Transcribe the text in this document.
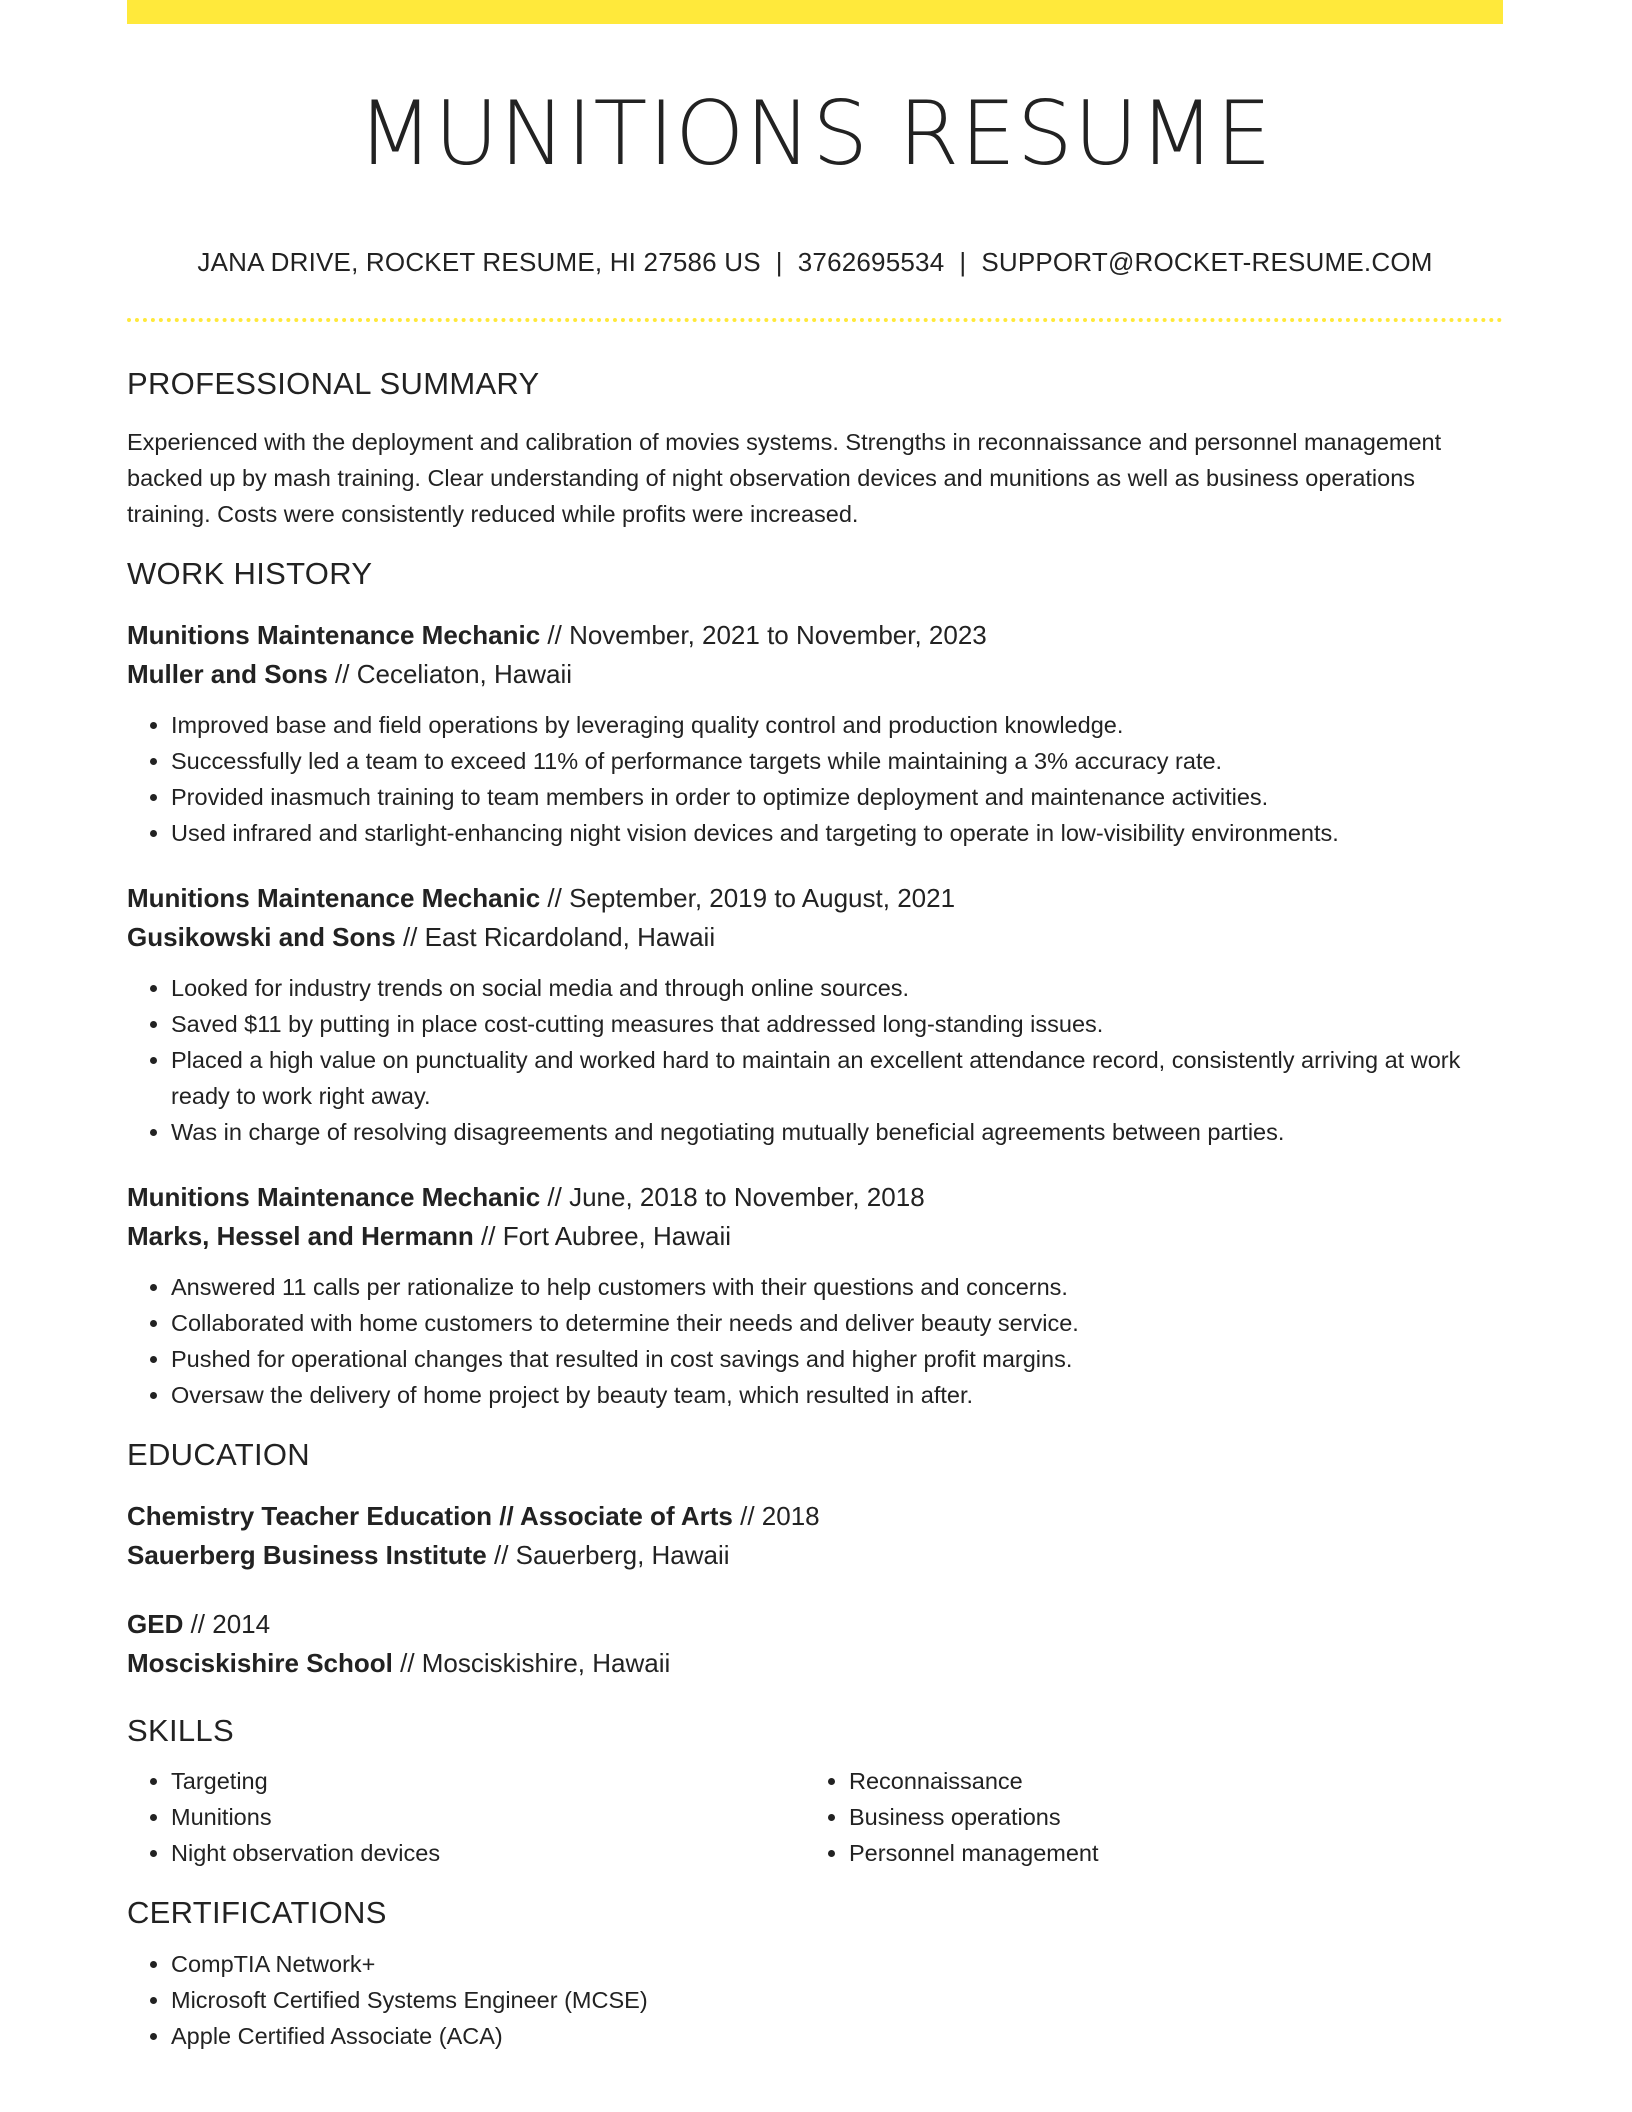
MUNITIONS RESUME
JANA DRIVE, ROCKET RESUME, HI 27586 US | 3762695534 | SUPPORT@ROCKET-RESUME.COM
PROFESSIONAL SUMMARY
Experienced with the deployment and calibration of movies systems. Strengths in reconnaissance and personnel management backed up by mash training. Clear understanding of night observation devices and munitions as well as business operations training. Costs were consistently reduced while profits were increased.
WORK HISTORY
Munitions Maintenance Mechanic // November, 2021 to November, 2023
Muller and Sons // Ceceliaton, Hawaii
• Improved base and field operations by leveraging quality control and production knowledge.
• Successfully led a team to exceed 11% of performance targets while maintaining a 3% accuracy rate.
• Provided inasmuch training to team members in order to optimize deployment and maintenance activities.
• Used infrared and starlight-enhancing night vision devices and targeting to operate in low-visibility environments.
Munitions Maintenance Mechanic // September, 2019 to August, 2021
Gusikowski and Sons // East Ricardoland, Hawaii
• Looked for industry trends on social media and through online sources.
• Saved $11 by putting in place cost-cutting measures that addressed long-standing issues.
• Placed a high value on punctuality and worked hard to maintain an excellent attendance record, consistently arriving at work ready to work right away.
• Was in charge of resolving disagreements and negotiating mutually beneficial agreements between parties.
Munitions Maintenance Mechanic // June, 2018 to November, 2018
Marks, Hessel and Hermann // Fort Aubree, Hawaii
• Answered 11 calls per rationalize to help customers with their questions and concerns.
• Collaborated with home customers to determine their needs and deliver beauty service.
• Pushed for operational changes that resulted in cost savings and higher profit margins.
• Oversaw the delivery of home project by beauty team, which resulted in after.
EDUCATION
Chemistry Teacher Education // Associate of Arts // 2018
Sauerberg Business Institute // Sauerberg, Hawaii
GED // 2014
Mosciskishire School // Mosciskishire, Hawaii
SKILLS
• Targeting
• Munitions
• Night observation devices
• Reconnaissance
• Business operations
• Personnel management
CERTIFICATIONS
• CompTIA Network+
• Microsoft Certified Systems Engineer (MCSE)
• Apple Certified Associate (ACA)
